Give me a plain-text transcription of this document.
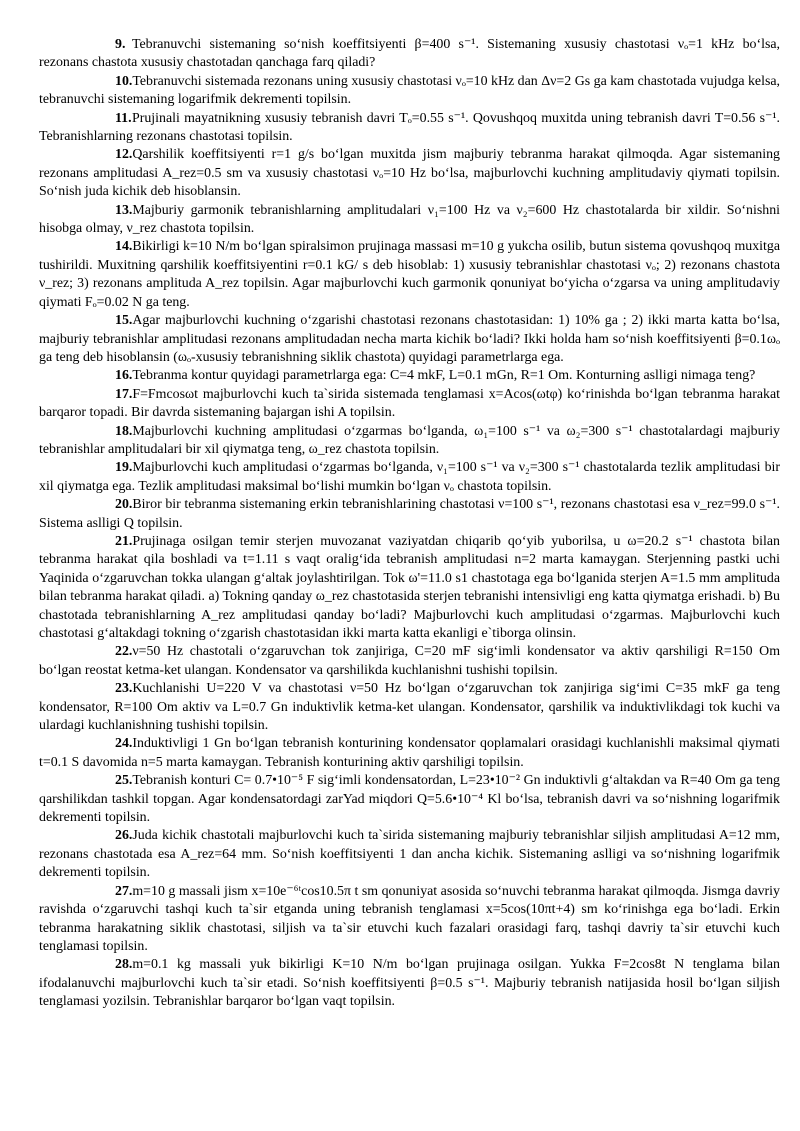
9. Tebranuvchi sistemaning so‘nish koeffitsiyenti β=400 s⁻¹. Sistemaning xususiy chastotasi νₒ=1 kHz bo‘lsa, rezonans chastota xususiy chastotadan qanchaga farq qiladi?

10.Tebranuvchi sistemada rezonans uning xususiy chastotasi νₒ=10 kHz dan Δν=2 Gs ga kam chastotada vujudga kelsa, tebranuvchi sistemaning logarifmik dekrementi topilsin.

11.Prujinali mayatnikning xususiy tebranish davri Tₒ=0.55 s⁻¹. Qovushqoq muxitda uning tebranish davri T=0.56 s⁻¹. Tebranishlarning rezonans chastotasi topilsin.

12.Qarshilik koeffitsiyenti r=1 g/s bo‘lgan muxitda jism majburiy tebranma harakat qilmoqda. Agar sistemaning rezonans amplitudasi A_rez=0.5 sm va xususiy chastotasi νₒ=10 Hz bo‘lsa, majburlovchi kuchning amplitudaviy qiymati topilsin. So‘nish juda kichik deb hisoblansin.

13.Majburiy garmonik tebranishlarning amplitudalari ν₁=100 Hz va ν₂=600 Hz chastotalarda bir xildir. So‘nishni hisobga olmay, ν_rez chastota topilsin.

14.Bikirligi k=10 N/m bo‘lgan spiralsimon prujinaga massasi m=10 g yukcha osilib, butun sistema qovushqoq muxitga tushirildi. Muxitning qarshilik koeffitsiyentini r=0.1 kG/ s deb hisoblab: 1) xususiy tebranishlar chastotasi νₒ; 2) rezonans chastota ν_rez; 3) rezonans amplituda A_rez topilsin. Agar majburlovchi kuch garmonik qonuniyat bo‘yicha o‘zgarsa va uning amplitudaviy qiymati Fₒ=0.02 N ga teng.

15.Agar majburlovchi kuchning o‘zgarishi chastotasi rezonans chastotasidan: 1) 10% ga ; 2) ikki marta katta bo‘lsa, majburiy tebranishlar amplitudasi rezonans amplitudadan necha marta kichik bo‘ladi? Ikki holda ham so‘nish koeffitsiyenti β=0.1ωₒ ga teng deb hisoblansin (ωₒ-xususiy tebranishning siklik chastota) quyidagi parametrlarga ega.

16.Tebranma kontur quyidagi parametrlarga ega: C=4 mkF, L=0.1 mGn, R=1 Om. Konturning aslligi nimaga teng?

17.F=Fmcosωt majburlovchi kuch ta`sirida sistemada tenglamasi x=Acos(ωtφ) ko‘rinishda bo‘lgan tebranma harakat barqaror topadi. Bir davrda sistemaning bajargan ishi A topilsin.

18.Majburlovchi kuchning amplitudasi o‘zgarmas bo‘lganda, ω₁=100 s⁻¹ va ω₂=300 s⁻¹ chastotalardagi majburiy tebranishlar amplitudalari bir xil qiymatga teng, ω_rez chastota topilsin.

19.Majburlovchi kuch amplitudasi o‘zgarmas bo‘lganda, ν₁=100 s⁻¹ va ν₂=300 s⁻¹ chastotalarda tezlik amplitudasi bir xil qiymatga ega. Tezlik amplitudasi maksimal bo‘lishi mumkin bo‘lgan νₒ chastota topilsin.

20.Biror bir tebranma sistemaning erkin tebranishlarining chastotasi ν=100 s⁻¹, rezonans chastotasi esa ν_rez=99.0 s⁻¹. Sistema aslligi Q topilsin.

21.Prujinaga osilgan temir sterjen muvozanat vaziyatdan chiqarib qo‘yib yuborilsa, u ω=20.2 s⁻¹ chastota bilan tebranma harakat qila boshladi va t=1.11 s vaqt oralig‘ida tebranish amplitudasi n=2 marta kamaygan. Sterjenning pastki uchi Yaqinida o‘zgaruvchan tokka ulangan g‘altak joylashtirilgan. Tok ω'=11.0 s1 chastotaga ega bo‘lganida sterjen A=1.5 mm amplituda bilan tebranma harakat qiladi. a) Tokning qanday ω_rez chastotasida sterjen tebranishi intensivligi eng katta qiymatga erishadi. b) Bu chastotada tebranishlarning A_rez amplitudasi qanday bo‘ladi? Majburlovchi kuch amplitudasi o‘zgarmas. Majburlovchi kuch chastotasi g‘altakdagi tokning o‘zgarish chastotasidan ikki marta katta ekanligi e`tiborga olinsin.

22.ν=50 Hz chastotali o‘zgaruvchan tok zanjiriga, C=20 mF sig‘imli kondensator va aktiv qarshiligi R=150 Om bo‘lgan reostat ketma-ket ulangan. Kondensator va qarshilikda kuchlanishni tushishi topilsin.

23.Kuchlanishi U=220 V va chastotasi ν=50 Hz bo‘lgan o‘zgaruvchan tok zanjiriga sig‘imi C=35 mkF ga teng kondensator, R=100 Om aktiv va L=0.7 Gn induktivlik ketma-ket ulangan. Kondensator, qarshilik va induktivlikdagi tok kuchi va ulardagi kuchlanishning tushishi topilsin.

24.Induktivligi 1 Gn bo‘lgan tebranish konturining kondensator qoplamalari orasidagi kuchlanishli maksimal qiymati t=0.1 S davomida n=5 marta kamaygan. Tebranish konturining aktiv qarshiligi topilsin.

25.Tebranish konturi C= 0.7•10⁻⁵ F sig‘imli kondensatordan, L=23•10⁻² Gn induktivli g‘altakdan va R=40 Om ga teng qarshilikdan tashkil topgan. Agar kondensatordagi zarYad miqdori Q=5.6•10⁻⁴ Kl bo‘lsa, tebranish davri va so‘nishning logarifmik dekrementi topilsin.

26.Juda kichik chastotali majburlovchi kuch ta`sirida sistemaning majburiy tebranishlar siljish amplitudasi A=12 mm, rezonans chastotada esa A_rez=64 mm. So‘nish koeffitsiyenti 1 dan ancha kichik. Sistemaning aslligi va so‘nishning logarifmik dekrementi topilsin.

27.m=10 g massali jism x=10e⁻⁶ᵗcos10.5π t sm qonuniyat asosida so‘nuvchi tebranma harakat qilmoqda. Jismga davriy ravishda o‘zgaruvchi tashqi kuch ta`sir etganda uning tebranish tenglamasi x=5cos(10πt+4) sm ko‘rinishga ega bo‘ladi. Erkin tebranma harakatning siklik chastotasi, siljish va ta`sir etuvchi kuch fazalari orasidagi farq, tashqi davriy ta`sir etuvchi kuch tenglamasi topilsin.

28.m=0.1 kg massali yuk bikirligi K=10 N/m bo‘lgan prujinaga osilgan. Yukka F=2cos8t N tenglama bilan ifodalanuvchi majburlovchi kuch ta`sir etadi. So‘nish koeffitsiyenti β=0.5 s⁻¹. Majburiy tebranish natijasida hosil bo‘lgan siljish tenglamasi yozilsin. Tebranishlar barqaror bo‘lgan vaqt topilsin.
